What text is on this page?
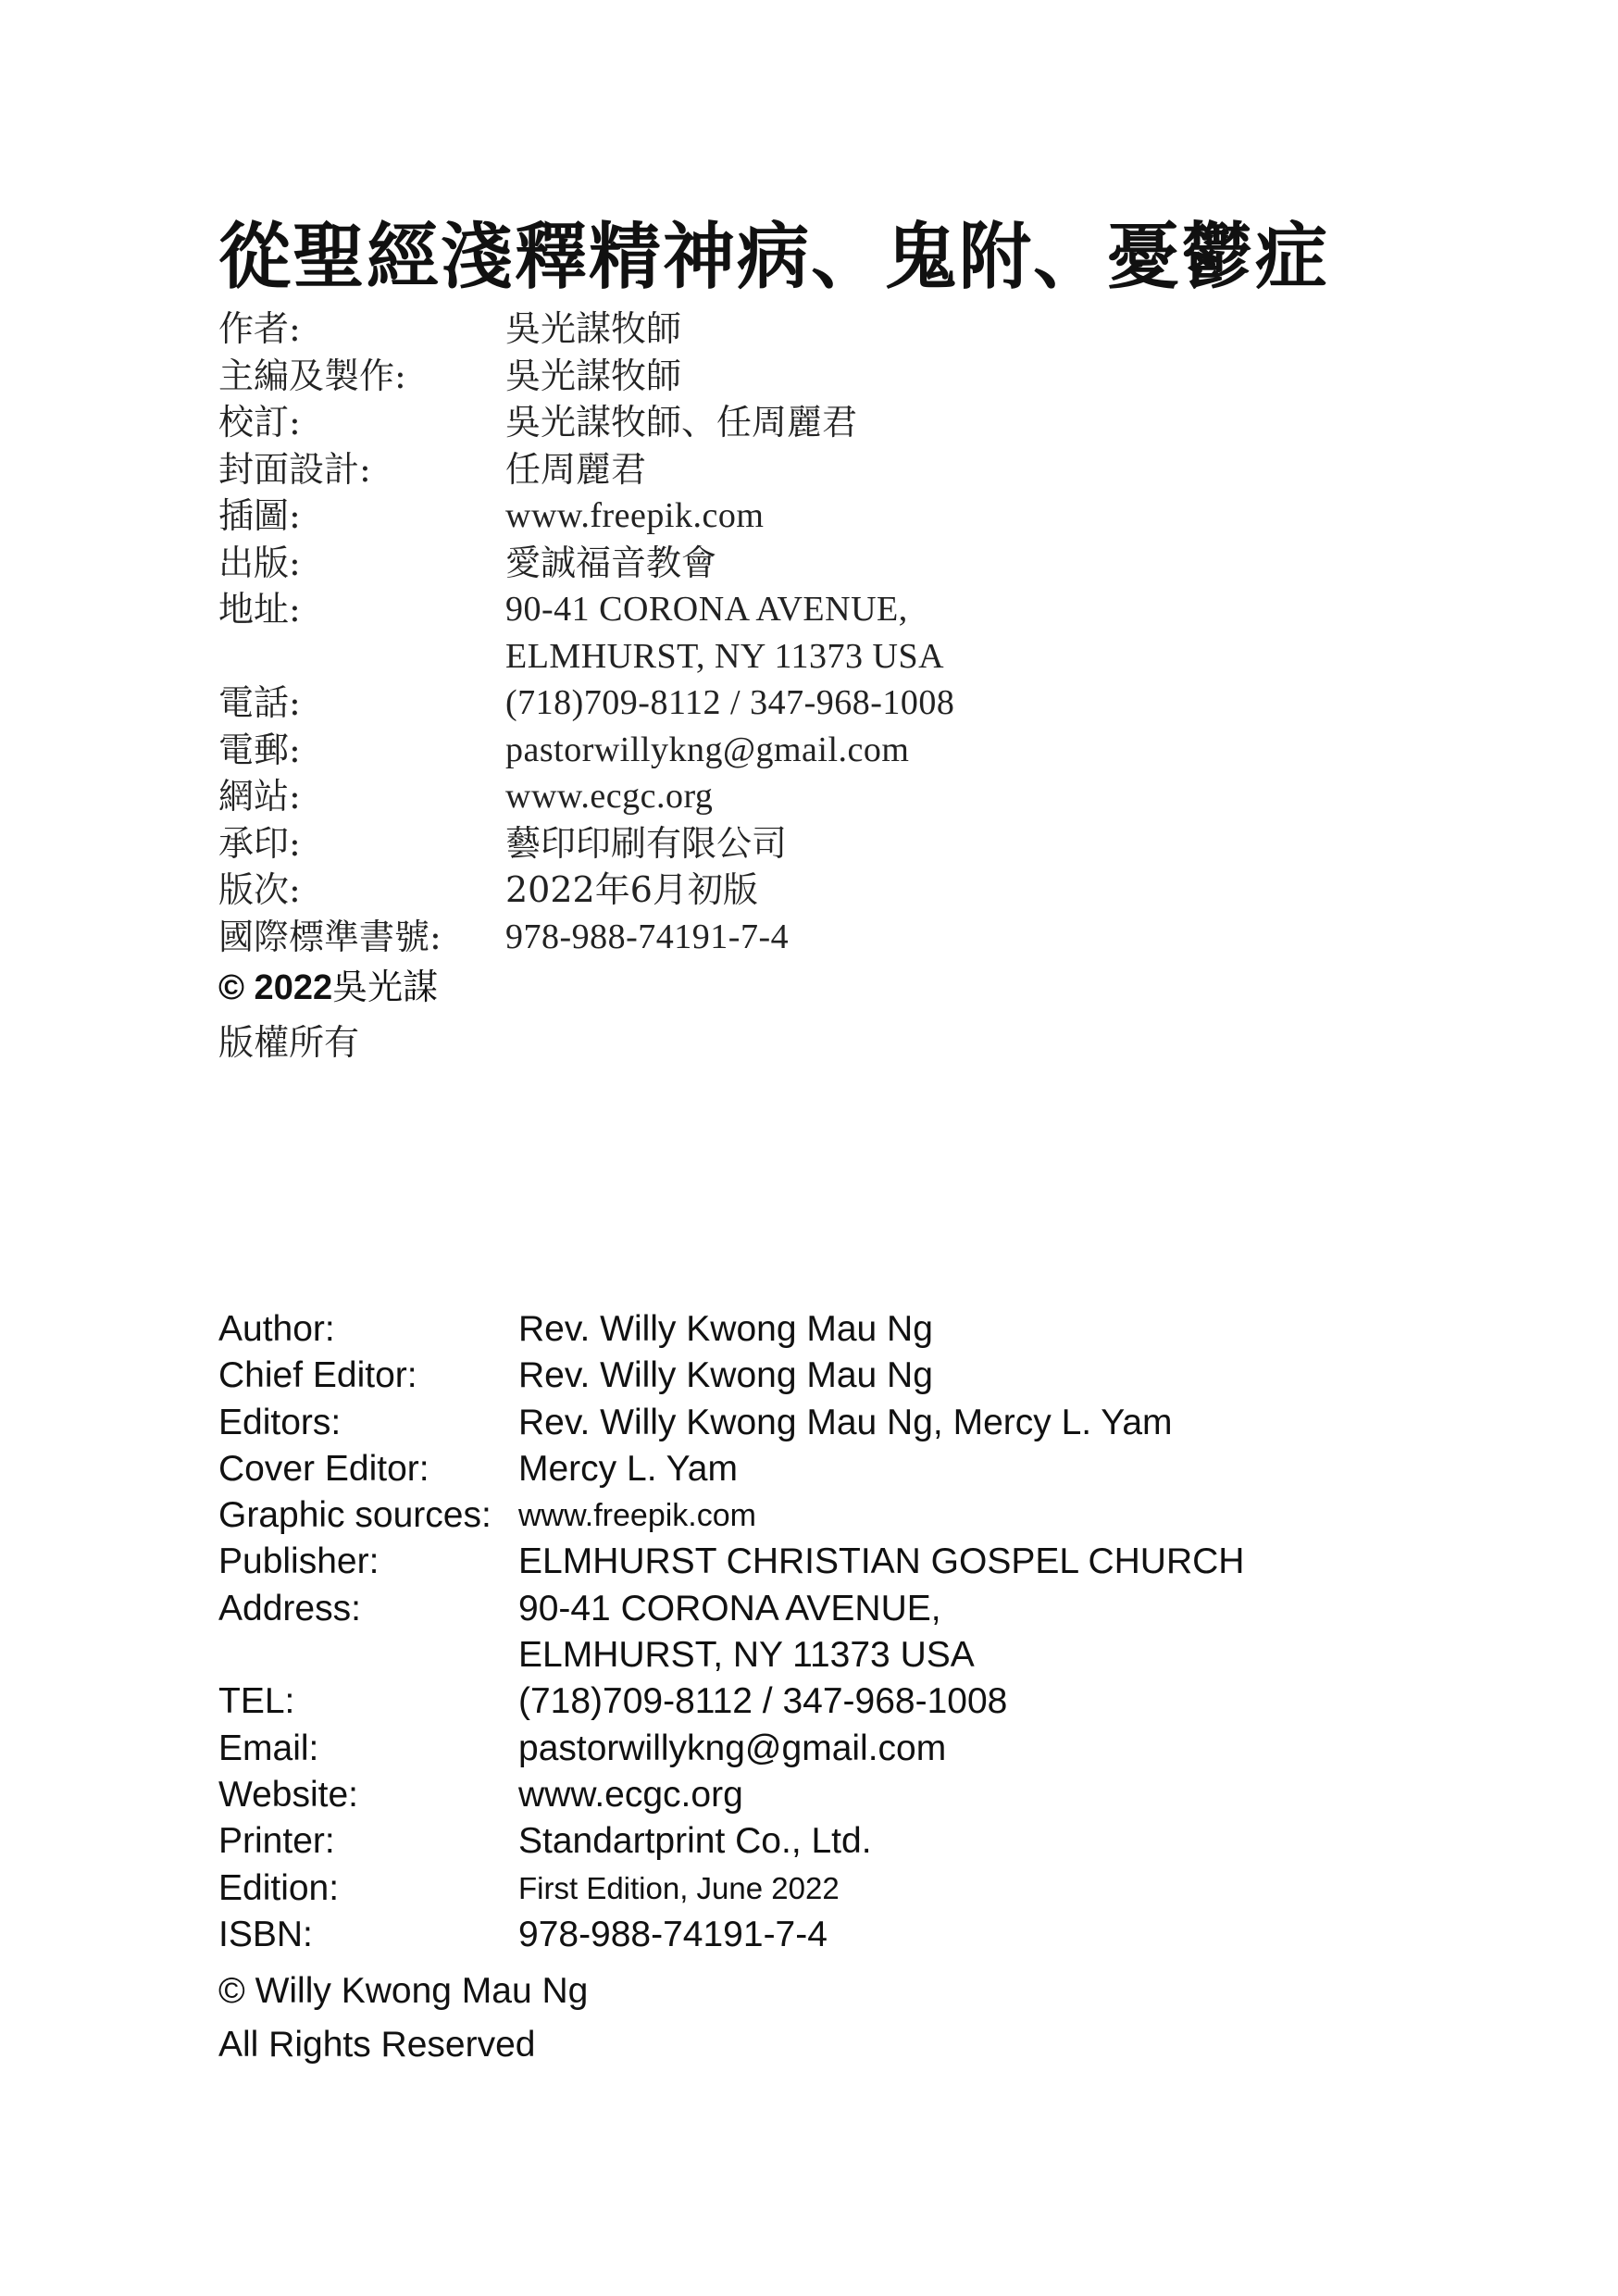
從聖經淺釋精神病、鬼附、憂鬱症
作者:	吳光謀牧師
主編及製作:	吳光謀牧師
校訂:	吳光謀牧師、任周麗君
封面設計:	任周麗君
插圖:	www.freepik.com
出版:	愛誠福音教會
地址:	90-41 CORONA AVENUE,
ELMHURST, NY 11373 USA
電話:	(718)709-8112 / 347-968-1008
電郵:	pastorwillykng@gmail.com
網站:	www.ecgc.org
承印:	藝印印刷有限公司
版次:	2022年6月初版
國際標準書號: 978-988-74191-7-4
© 2022吳光謀
版權所有
Author:	Rev. Willy Kwong Mau Ng
Chief Editor:	Rev. Willy Kwong Mau Ng
Editors:	Rev. Willy Kwong Mau Ng, Mercy L. Yam
Cover Editor: Mercy L. Yam
Graphic sources: www.freepik.com
Publisher:	ELMHURST CHRISTIAN GOSPEL CHURCH
Address:	90-41 CORONA AVENUE,
ELMHURST, NY 11373 USA
TEL:	(718)709-8112 / 347-968-1008
Email:	pastorwillykng@gmail.com
Website:	www.ecgc.org
Printer:	Standartprint Co., Ltd.
Edition:	First Edition, June 2022
ISBN:	978-988-74191-7-4
© Willy Kwong Mau Ng
All Rights Reserved
